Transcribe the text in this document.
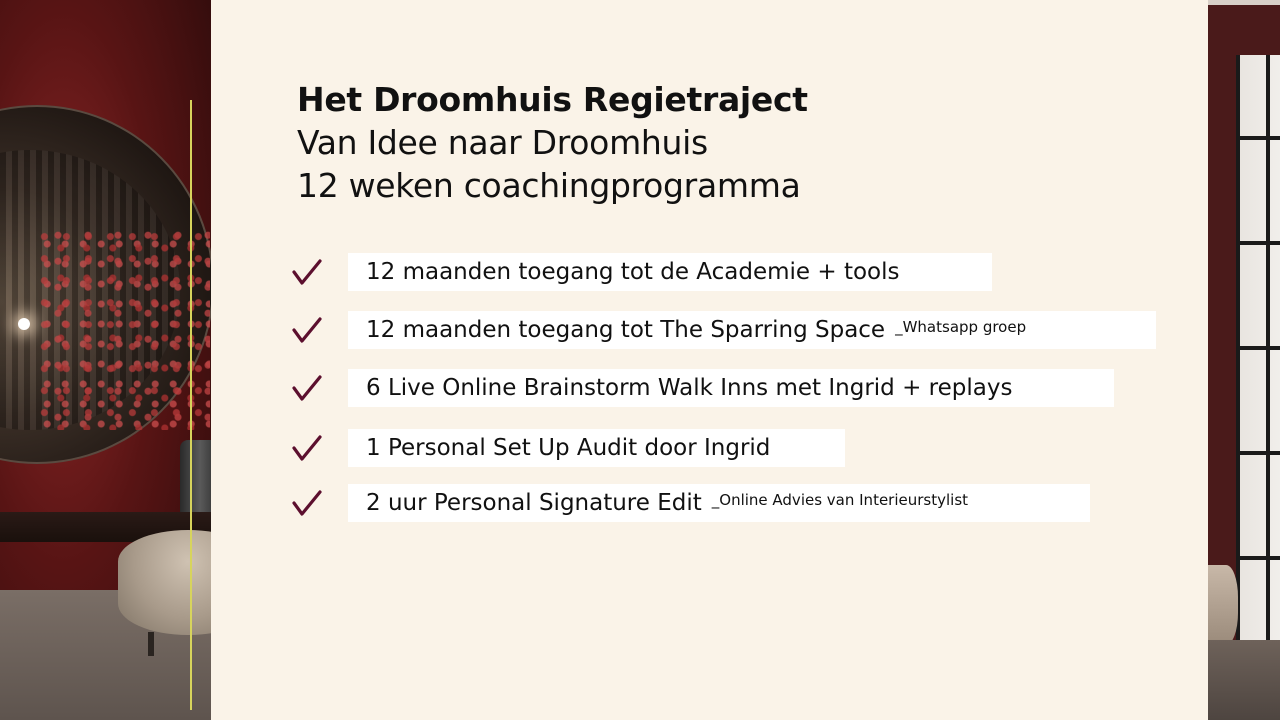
Het Droomhuis Regietraject
Van Idee naar Droomhuis
12 weken coachingprogramma
12 maanden toegang tot de Academie + tools
12 maanden toegang tot The Sparring Space _Whatsapp groep
6 Live Online Brainstorm Walk Inns met Ingrid + replays
1 Personal Set Up Audit door Ingrid
2 uur Personal Signature Edit _Online Advies van Interieurstylist
